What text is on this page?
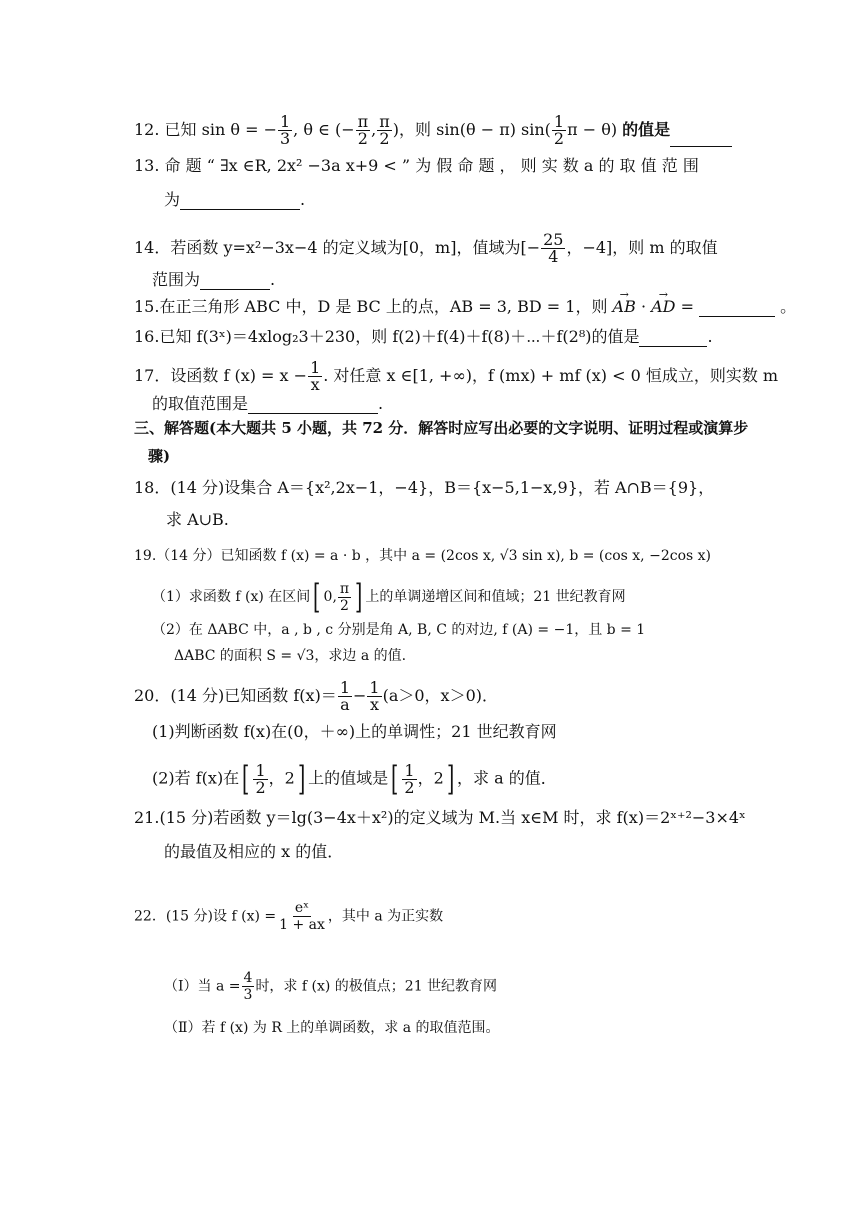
12. 已知 sin θ = − $\frac{1}{3}$ , θ ∈ (− $\frac{\pi}{2}$ , $\frac{\pi}{2}$ )，则 sin(θ − π) $\sin( \frac{1}{2}$ π − θ) 的值是
13. 命 题 “ ∃x ∈R, 2x² −3a x+9 < ” 为 假 命 题 ， 则 实 数 a 的 取 值 范 围
为	.
14．若函数 y=x²−3x−4 的定义域为[0，m]，值域为[− $\frac{25}{4}$ ，−4]，则 m 的取值
范围为	.
15.在正三角形 ABC 中，D 是 BC 上的点，AB = 3, BD = 1，则 → AB · → AD =	。
16.已知 f(3ˣ)＝4xlog₂3＋230，则 f(2)＋f(4)＋f(8)＋⋯＋f(2⁸)的值是	.
17．设函数 f $(x) = x - \frac{1}{x}$ . 对任意 x ∈[1, +∞)，f (mx) + mf (x) < 0 恒成立，则实数 m
的取值范围是	.
三、解答题(本大题共 5 小题，共 72 分．解答时应写出必要的文字说明、证明过程或演算步
骤)
18．(14 分)设集合 A＝{x²,2x−1，−4}，B＝{x−5,1−x,9}，若 A∩B＝{9}，
求 A∪B.
19.（14 分）已知函数 f (x) = a · b ，其中 a = (2cos x, √3 sin x), b = (cos x, −2cos x)
（1）求函数 f (x) 在区间[ 0, $\frac{\pi}{2}$ ] 上的单调递增区间和值域；21 世纪教育网
（2）在 ΔABC 中，a , b , c 分别是角 A, B, C 的对边, f (A) = −1，且 b = 1
ΔABC 的面积 S = √3，求边 a 的值.
20．(14 分)已知函数 $f(x)= \frac{1}{a} - \frac{1}{x} (a>0$，x＞0)．
(1)判断函数 f(x)在(0，＋∞)上的单调性；21 世纪教育网
(2)若 f(x)在[ $\frac{1}{2}$ ，2] 上的值域是[ $\frac{1}{2}$ ，2] ，求 a 的值．
21.(15 分)若函数 y＝lg(3−4x＋x²)的定义域为 M.当 x∈M 时，求 f(x)＝2ˣ⁺²−3×4ˣ
的最值及相应的 x 的值．
22．(15 分)设 f $(x) = \frac{\text{eˣ}}{1 + ax}$ ，其中 a 为正实数
（Ⅰ）当 $a = \frac{4}{3}$ 时，求 f (x) 的极值点；21 世纪教育网
（Ⅱ）若 f (x) 为 R 上的单调函数，求 a 的取值范围。
